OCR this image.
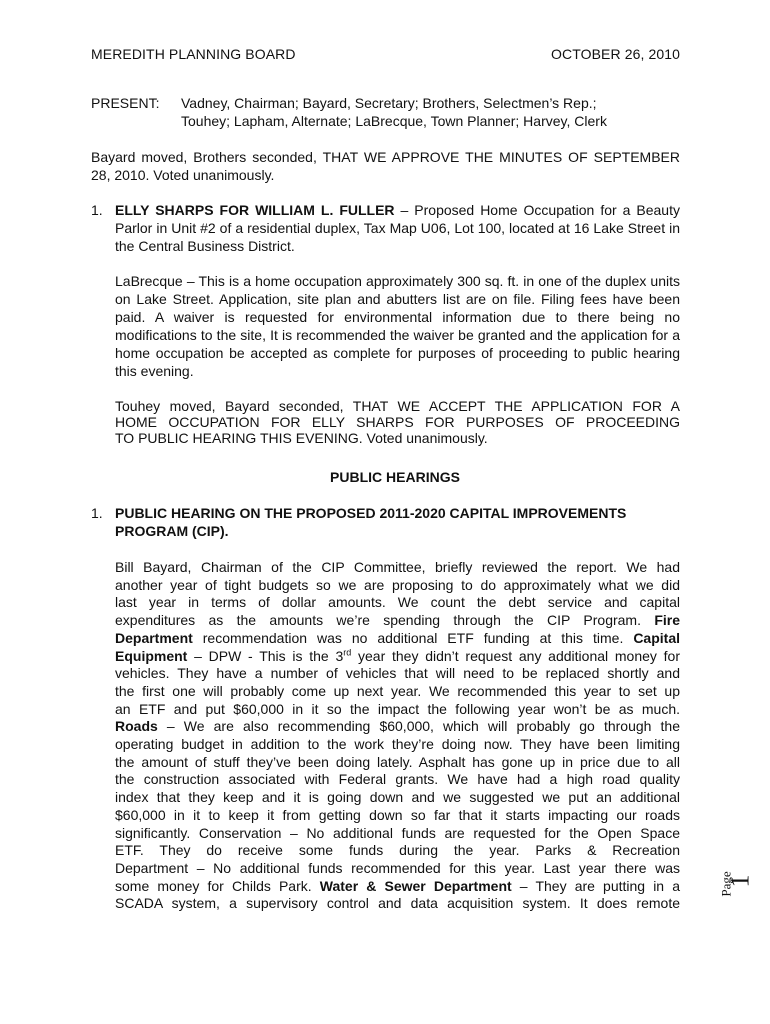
MEREDITH PLANNING BOARD	OCTOBER 26, 2010
PRESENT: Vadney, Chairman; Bayard, Secretary; Brothers, Selectmen’s Rep.;
Touhey; Lapham, Alternate; LaBrecque, Town Planner; Harvey, Clerk
Bayard moved, Brothers seconded, THAT WE APPROVE THE MINUTES OF SEPTEMBER 28, 2010. Voted unanimously.
1. ELLY SHARPS FOR WILLIAM L. FULLER – Proposed Home Occupation for a Beauty Parlor in Unit #2 of a residential duplex, Tax Map U06, Lot 100, located at 16 Lake Street in the Central Business District.
LaBrecque – This is a home occupation approximately 300 sq. ft. in one of the duplex units on Lake Street. Application, site plan and abutters list are on file. Filing fees have been paid. A waiver is requested for environmental information due to there being no modifications to the site, It is recommended the waiver be granted and the application for a home occupation be accepted as complete for purposes of proceeding to public hearing this evening.
Touhey moved, Bayard seconded, THAT WE ACCEPT THE APPLICATION FOR A
HOME OCCUPATION FOR ELLY SHARPS FOR PURPOSES OF PROCEEDING
TO PUBLIC HEARING THIS EVENING. Voted unanimously.
PUBLIC HEARINGS
1. PUBLIC HEARING ON THE PROPOSED 2011-2020 CAPITAL IMPROVEMENTS PROGRAM (CIP).
Bill Bayard, Chairman of the CIP Committee, briefly reviewed the report. We had
another year of tight budgets so we are proposing to do approximately what we did
last year in terms of dollar amounts. We count the debt service and capital
expenditures as the amounts we’re spending through the CIP Program. Fire
Department recommendation was no additional ETF funding at this time. Capital
Equipment – DPW - This is the 3rd year they didn’t request any additional money for
vehicles. They have a number of vehicles that will need to be replaced shortly and
the first one will probably come up next year. We recommended this year to set up
an ETF and put $60,000 in it so the impact the following year won’t be as much.
Roads – We are also recommending $60,000, which will probably go through the
operating budget in addition to the work they’re doing now. They have been limiting
the amount of stuff they’ve been doing lately. Asphalt has gone up in price due to all
the construction associated with Federal grants. We have had a high road quality
index that they keep and it is going down and we suggested we put an additional
$60,000 in it to keep it from getting down so far that it starts impacting our roads
significantly. Conservation – No additional funds are requested for the Open Space
ETF. They do receive some funds during the year. Parks & Recreation
Department – No additional funds recommended for this year. Last year there was
some money for Childs Park. Water & Sewer Department – They are putting in a
SCADA system, a supervisory control and data acquisition system. It does remote
Page
1
